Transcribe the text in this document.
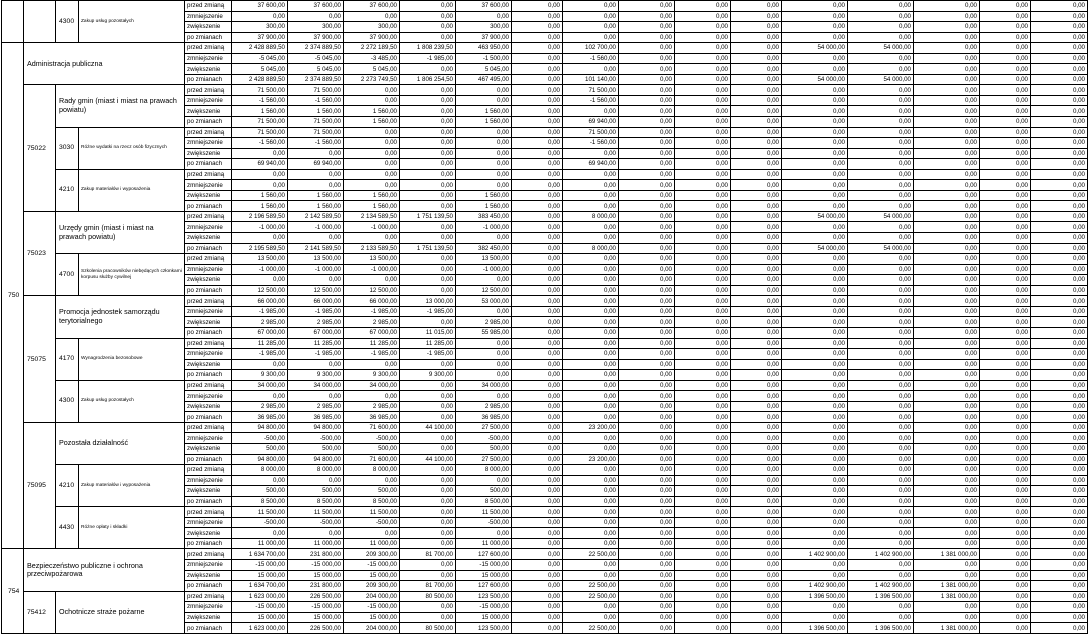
		4300 Zakup usług pozostałych	przed zmianą	37 600,00	37 600,00	37 600,00	0,00	37 600,00	0,00	0,00	0,00	0,00	0,00	0,00	0,00	0,00	0,00	0,00
			zmniejszenie	0,00	0,00	0,00	0,00	0,00	0,00	0,00	0,00	0,00	0,00	0,00	0,00	0,00	0,00	0,00
			zwiększenie	300,00	300,00	300,00	0,00	300,00	0,00	0,00	0,00	0,00	0,00	0,00	0,00	0,00	0,00	0,00
			po zmianach	37 900,00	37 900,00	37 900,00	0,00	37 900,00	0,00	0,00	0,00	0,00	0,00	0,00	0,00	0,00	0,00	0,00
750	Administracja publiczna		przed zmianą	2 428 889,50	2 374 889,50	2 272 189,50	1 808 239,50	463 950,00	0,00	102 700,00	0,00	0,00	0,00	54 000,00	54 000,00	0,00	0,00	0,00
			zmniejszenie	-5 045,00	-5 045,00	-3 485,00	-1 985,00	-1 500,00	0,00	-1 560,00	0,00	0,00	0,00	0,00	0,00	0,00	0,00	0,00
			zwiększenie	5 045,00	5 045,00	5 045,00	0,00	5 045,00	0,00	0,00	0,00	0,00	0,00	0,00	0,00	0,00	0,00	0,00
			po zmianach	2 428 889,50	2 374 889,50	2 273 749,50	1 806 254,50	467 495,00	0,00	101 140,00	0,00	0,00	0,00	54 000,00	54 000,00	0,00	0,00	0,00
	75022	Rady gmin (miast i miast na prawach powiatu)	przed zmianą	71 500,00	71 500,00	0,00	0,00	0,00	0,00	71 500,00	0,00	0,00	0,00	0,00	0,00	0,00	0,00	0,00
			zmniejszenie	-1 560,00	-1 560,00	0,00	0,00	0,00	0,00	-1 560,00	0,00	0,00	0,00	0,00	0,00	0,00	0,00	0,00
			zwiększenie	1 560,00	1 560,00	1 560,00	0,00	1 560,00	0,00	0,00	0,00	0,00	0,00	0,00	0,00	0,00	0,00	0,00
			po zmianach	71 500,00	71 500,00	1 560,00	0,00	1 560,00	0,00	69 940,00	0,00	0,00	0,00	0,00	0,00	0,00	0,00	0,00

		3030 Różne wydatki na rzecz osób fizycznych	przed zmianą	71 500,00	71 500,00	0,00	0,00	0,00	0,00	71 500,00	0,00	0,00	0,00	0,00	0,00	0,00	0,00	0,00
			zmniejszenie	-1 560,00	-1 560,00	0,00	0,00	0,00	0,00	-1 560,00	0,00	0,00	0,00	0,00	0,00	0,00	0,00	0,00
			zwiększenie	0,00	0,00	0,00	0,00	0,00	0,00	0,00	0,00	0,00	0,00	0,00	0,00	0,00	0,00	0,00
			po zmianach	69 940,00	69 940,00	0,00	0,00	0,00	0,00	69 940,00	0,00	0,00	0,00	0,00	0,00	0,00	0,00	0,00

		4210 Zakup materiałów i wyposażenia	przed zmianą	0,00	0,00	0,00	0,00	0,00	0,00	0,00	0,00	0,00	0,00	0,00	0,00	0,00	0,00	0,00
			zmniejszenie	0,00	0,00	0,00	0,00	0,00	0,00	0,00	0,00	0,00	0,00	0,00	0,00	0,00	0,00	0,00
			zwiększenie	1 560,00	1 560,00	1 560,00	0,00	1 560,00	0,00	0,00	0,00	0,00	0,00	0,00	0,00	0,00	0,00	0,00
			po zmianach	1 560,00	1 560,00	1 560,00	0,00	1 560,00	0,00	0,00	0,00	0,00	0,00	0,00	0,00	0,00	0,00	0,00
	75023	Urzędy gmin (miast i miast na prawach powiatu)	przed zmianą	2 196 589,50	2 142 589,50	2 134 589,50	1 751 139,50	383 450,00	0,00	8 000,00	0,00	0,00	0,00	54 000,00	54 000,00	0,00	0,00	0,00
			zmniejszenie	-1 000,00	-1 000,00	-1 000,00	0,00	-1 000,00	0,00	0,00	0,00	0,00	0,00	0,00	0,00	0,00	0,00	0,00
			zwiększenie	0,00	0,00	0,00	0,00	0,00	0,00	0,00	0,00	0,00	0,00	0,00	0,00	0,00	0,00	0,00
			po zmianach	2 195 589,50	2 141 589,50	2 133 589,50	1 751 139,50	382 450,00	0,00	8 000,00	0,00	0,00	0,00	54 000,00	54 000,00	0,00	0,00	0,00

		4700 Szkolenia pracowników niebędących członkami korpusu służby cywilnej	przed zmianą	13 500,00	13 500,00	13 500,00	0,00	13 500,00	0,00	0,00	0,00	0,00	0,00	0,00	0,00	0,00	0,00	0,00
			zmniejszenie	-1 000,00	-1 000,00	-1 000,00	0,00	-1 000,00	0,00	0,00	0,00	0,00	0,00	0,00	0,00	0,00	0,00	0,00
			zwiększenie	0,00	0,00	0,00	0,00	0,00	0,00	0,00	0,00	0,00	0,00	0,00	0,00	0,00	0,00	0,00
			po zmianach	12 500,00	12 500,00	12 500,00	0,00	12 500,00	0,00	0,00	0,00	0,00	0,00	0,00	0,00	0,00	0,00	0,00
	75075	Promocja jednostek samorządu terytorialnego	przed zmianą	66 000,00	66 000,00	66 000,00	13 000,00	53 000,00	0,00	0,00	0,00	0,00	0,00	0,00	0,00	0,00	0,00	0,00
			zmniejszenie	-1 985,00	-1 985,00	-1 985,00	-1 985,00	0,00	0,00	0,00	0,00	0,00	0,00	0,00	0,00	0,00	0,00	0,00
			zwiększenie	2 985,00	2 985,00	2 985,00	0,00	2 985,00	0,00	0,00	0,00	0,00	0,00	0,00	0,00	0,00	0,00	0,00
			po zmianach	67 000,00	67 000,00	67 000,00	11 015,00	55 985,00	0,00	0,00	0,00	0,00	0,00	0,00	0,00	0,00	0,00	0,00

		4170 Wynagrodzenia bezosobowe	przed zmianą	11 285,00	11 285,00	11 285,00	11 285,00	0,00	0,00	0,00	0,00	0,00	0,00	0,00	0,00	0,00	0,00	0,00
			zmniejszenie	-1 985,00	-1 985,00	-1 985,00	-1 985,00	0,00	0,00	0,00	0,00	0,00	0,00	0,00	0,00	0,00	0,00	0,00
			zwiększenie	0,00	0,00	0,00	0,00	0,00	0,00	0,00	0,00	0,00	0,00	0,00	0,00	0,00	0,00	0,00
			po zmianach	9 300,00	9 300,00	9 300,00	9 300,00	0,00	0,00	0,00	0,00	0,00	0,00	0,00	0,00	0,00	0,00	0,00

		4300 Zakup usług pozostałych	przed zmianą	34 000,00	34 000,00	34 000,00	0,00	34 000,00	0,00	0,00	0,00	0,00	0,00	0,00	0,00	0,00	0,00	0,00
			zmniejszenie	0,00	0,00	0,00	0,00	0,00	0,00	0,00	0,00	0,00	0,00	0,00	0,00	0,00	0,00	0,00
			zwiększenie	2 985,00	2 985,00	2 985,00	0,00	2 985,00	0,00	0,00	0,00	0,00	0,00	0,00	0,00	0,00	0,00	0,00
			po zmianach	36 985,00	36 985,00	36 985,00	0,00	36 985,00	0,00	0,00	0,00	0,00	0,00	0,00	0,00	0,00	0,00	0,00
	75095	Pozostała działalność	przed zmianą	94 800,00	94 800,00	71 600,00	44 100,00	27 500,00	0,00	23 200,00	0,00	0,00	0,00	0,00	0,00	0,00	0,00	0,00
			zmniejszenie	-500,00	-500,00	-500,00	0,00	-500,00	0,00	0,00	0,00	0,00	0,00	0,00	0,00	0,00	0,00	0,00
			zwiększenie	500,00	500,00	500,00	0,00	500,00	0,00	0,00	0,00	0,00	0,00	0,00	0,00	0,00	0,00	0,00
			po zmianach	94 800,00	94 800,00	71 600,00	44 100,00	27 500,00	0,00	23 200,00	0,00	0,00	0,00	0,00	0,00	0,00	0,00	0,00

		4210 Zakup materiałów i wyposażenia	przed zmianą	8 000,00	8 000,00	8 000,00	0,00	8 000,00	0,00	0,00	0,00	0,00	0,00	0,00	0,00	0,00	0,00	0,00
			zmniejszenie	0,00	0,00	0,00	0,00	0,00	0,00	0,00	0,00	0,00	0,00	0,00	0,00	0,00	0,00	0,00
			zwiększenie	500,00	500,00	500,00	0,00	500,00	0,00	0,00	0,00	0,00	0,00	0,00	0,00	0,00	0,00	0,00
			po zmianach	8 500,00	8 500,00	8 500,00	0,00	8 500,00	0,00	0,00	0,00	0,00	0,00	0,00	0,00	0,00	0,00	0,00

		4430 Różne opłaty i składki	przed zmianą	11 500,00	11 500,00	11 500,00	0,00	11 500,00	0,00	0,00	0,00	0,00	0,00	0,00	0,00	0,00	0,00	0,00
			zmniejszenie	-500,00	-500,00	-500,00	0,00	-500,00	0,00	0,00	0,00	0,00	0,00	0,00	0,00	0,00	0,00	0,00
			zwiększenie	0,00	0,00	0,00	0,00	0,00	0,00	0,00	0,00	0,00	0,00	0,00	0,00	0,00	0,00	0,00
			po zmianach	11 000,00	11 000,00	11 000,00	0,00	11 000,00	0,00	0,00	0,00	0,00	0,00	0,00	0,00	0,00	0,00	0,00
754	Bezpieczeństwo publiczne i ochrona przeciwpożarowa		przed zmianą	1 634 700,00	231 800,00	209 300,00	81 700,00	127 600,00	0,00	22 500,00	0,00	0,00	0,00	1 402 900,00	1 402 900,00	1 381 000,00	0,00	0,00
			zmniejszenie	-15 000,00	-15 000,00	-15 000,00	0,00	-15 000,00	0,00	0,00	0,00	0,00	0,00	0,00	0,00	0,00	0,00	0,00
			zwiększenie	15 000,00	15 000,00	15 000,00	0,00	15 000,00	0,00	0,00	0,00	0,00	0,00	0,00	0,00	0,00	0,00	0,00
			po zmianach	1 634 700,00	231 800,00	209 300,00	81 700,00	127 600,00	0,00	22 500,00	0,00	0,00	0,00	1 402 900,00	1 402 900,00	1 381 000,00	0,00	0,00
	75412	Ochotnicze straże pożarne	przed zmianą	1 623 000,00	226 500,00	204 000,00	80 500,00	123 500,00	0,00	22 500,00	0,00	0,00	0,00	1 396 500,00	1 396 500,00	1 381 000,00	0,00	0,00
			zmniejszenie	-15 000,00	-15 000,00	-15 000,00	0,00	-15 000,00	0,00	0,00	0,00	0,00	0,00	0,00	0,00	0,00	0,00	0,00
			zwiększenie	15 000,00	15 000,00	15 000,00	0,00	15 000,00	0,00	0,00	0,00	0,00	0,00	0,00	0,00	0,00	0,00	0,00
			po zmianach	1 623 000,00	226 500,00	204 000,00	80 500,00	123 500,00	0,00	22 500,00	0,00	0,00	0,00	1 396 500,00	1 396 500,00	1 381 000,00	0,00	0,00
